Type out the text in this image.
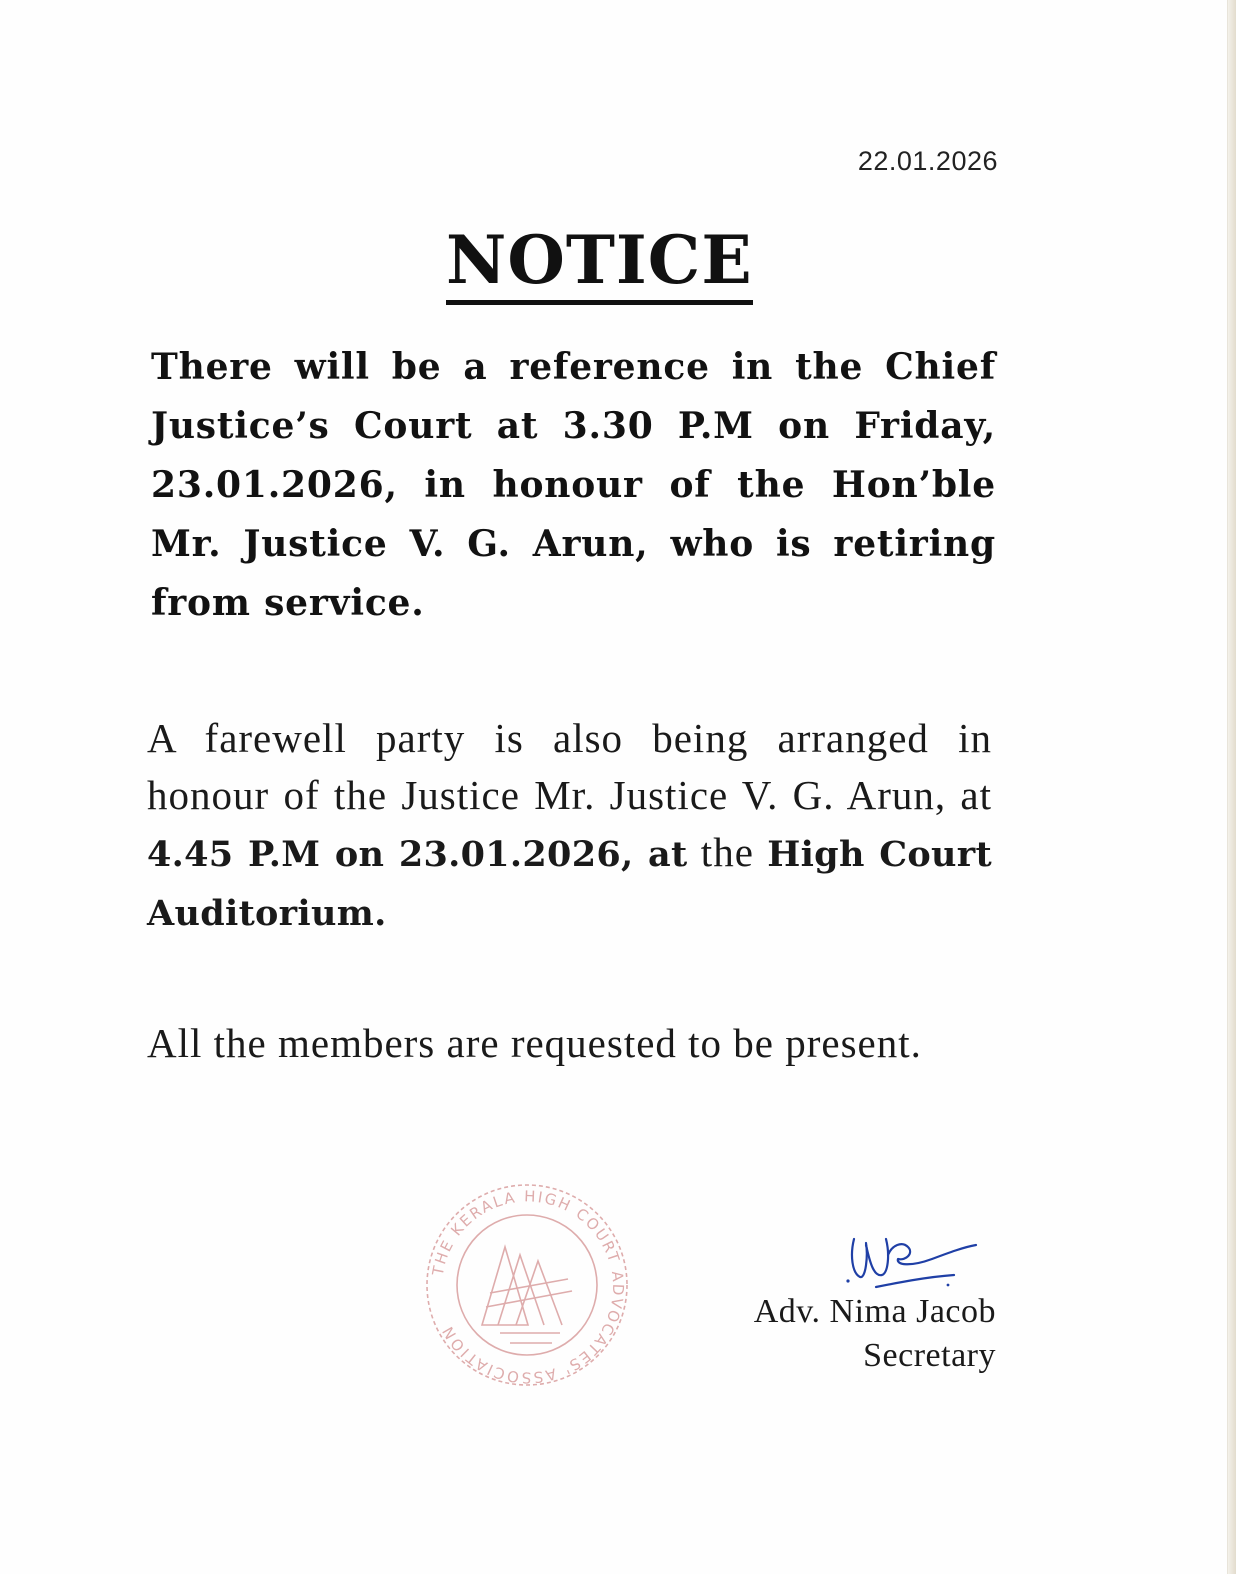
22.01.2026
NOTICE

There will be a reference in the Chief Justice’s Court at 3.30 P.M on Friday, 23.01.2026, in honour of the Hon’ble Mr. Justice V. G. Arun, who is retiring from service.

A farewell party is also being arranged in honour of the Justice Mr. Justice V. G. Arun, at 4.45 P.M on 23.01.2026, at the High Court Auditorium.

All the members are requested to be present.

THE KERALA HIGH COURT ADVOCATES' ASSOCIATION
Adv. Nima Jacob
Secretary
